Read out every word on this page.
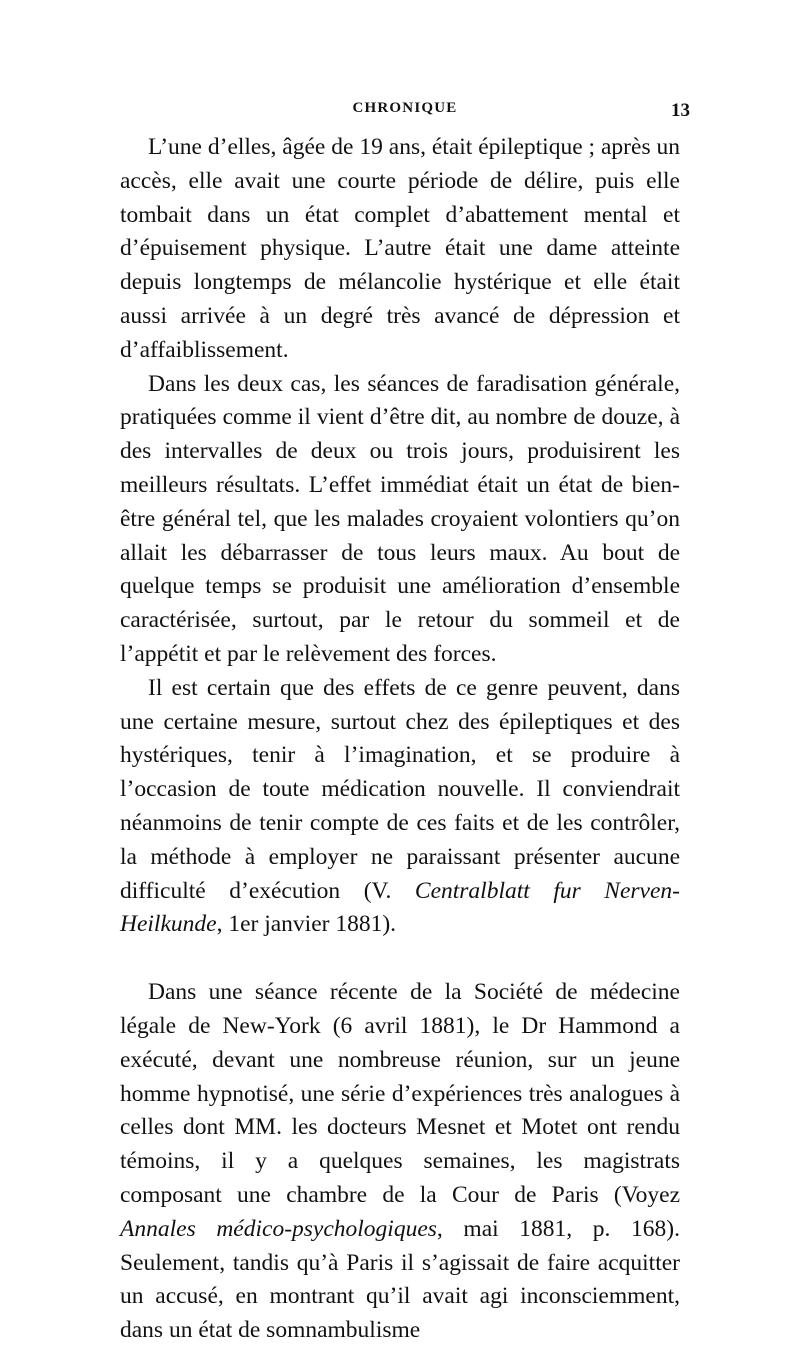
CHRONIQUE	13

L’une d’elles, âgée de 19 ans, était épileptique ; après un accès, elle avait une courte période de délire, puis elle tombait dans un état complet d’abattement mental et d’épuisement physique. L’autre était une dame atteinte depuis longtemps de mélancolie hystérique et elle était aussi arrivée à un degré très avancé de dépression et d’affaiblissement.

Dans les deux cas, les séances de faradisation générale, pratiquées comme il vient d’être dit, au nombre de douze, à des intervalles de deux ou trois jours, produisirent les meilleurs résultats. L’effet immédiat était un état de bien-être général tel, que les malades croyaient volontiers qu’on allait les débarrasser de tous leurs maux. Au bout de quelque temps se produisit une amélioration d’ensemble caractérisée, surtout, par le retour du sommeil et de l’appétit et par le relèvement des forces.

Il est certain que des effets de ce genre peuvent, dans une certaine mesure, surtout chez des épileptiques et des hystériques, tenir à l’imagination, et se produire à l’occasion de toute médication nouvelle. Il conviendrait néanmoins de tenir compte de ces faits et de les contrôler, la méthode à employer ne paraissant présenter aucune difficulté d’exécution (V. Centralblatt fur Nerven-Heilkunde, 1er janvier 1881).

Dans une séance récente de la Société de médecine légale de New-York (6 avril 1881), le Dr Hammond a exécuté, devant une nombreuse réunion, sur un jeune homme hypnotisé, une série d’expériences très analogues à celles dont MM. les docteurs Mesnet et Motet ont rendu témoins, il y a quelques semaines, les magistrats composant une chambre de la Cour de Paris (Voyez Annales médico-psychologiques, mai 1881, p. 168). Seulement, tandis qu’à Paris il s’agissait de faire acquitter un accusé, en montrant qu’il avait agi inconsciemment, dans un état de somnambulisme
